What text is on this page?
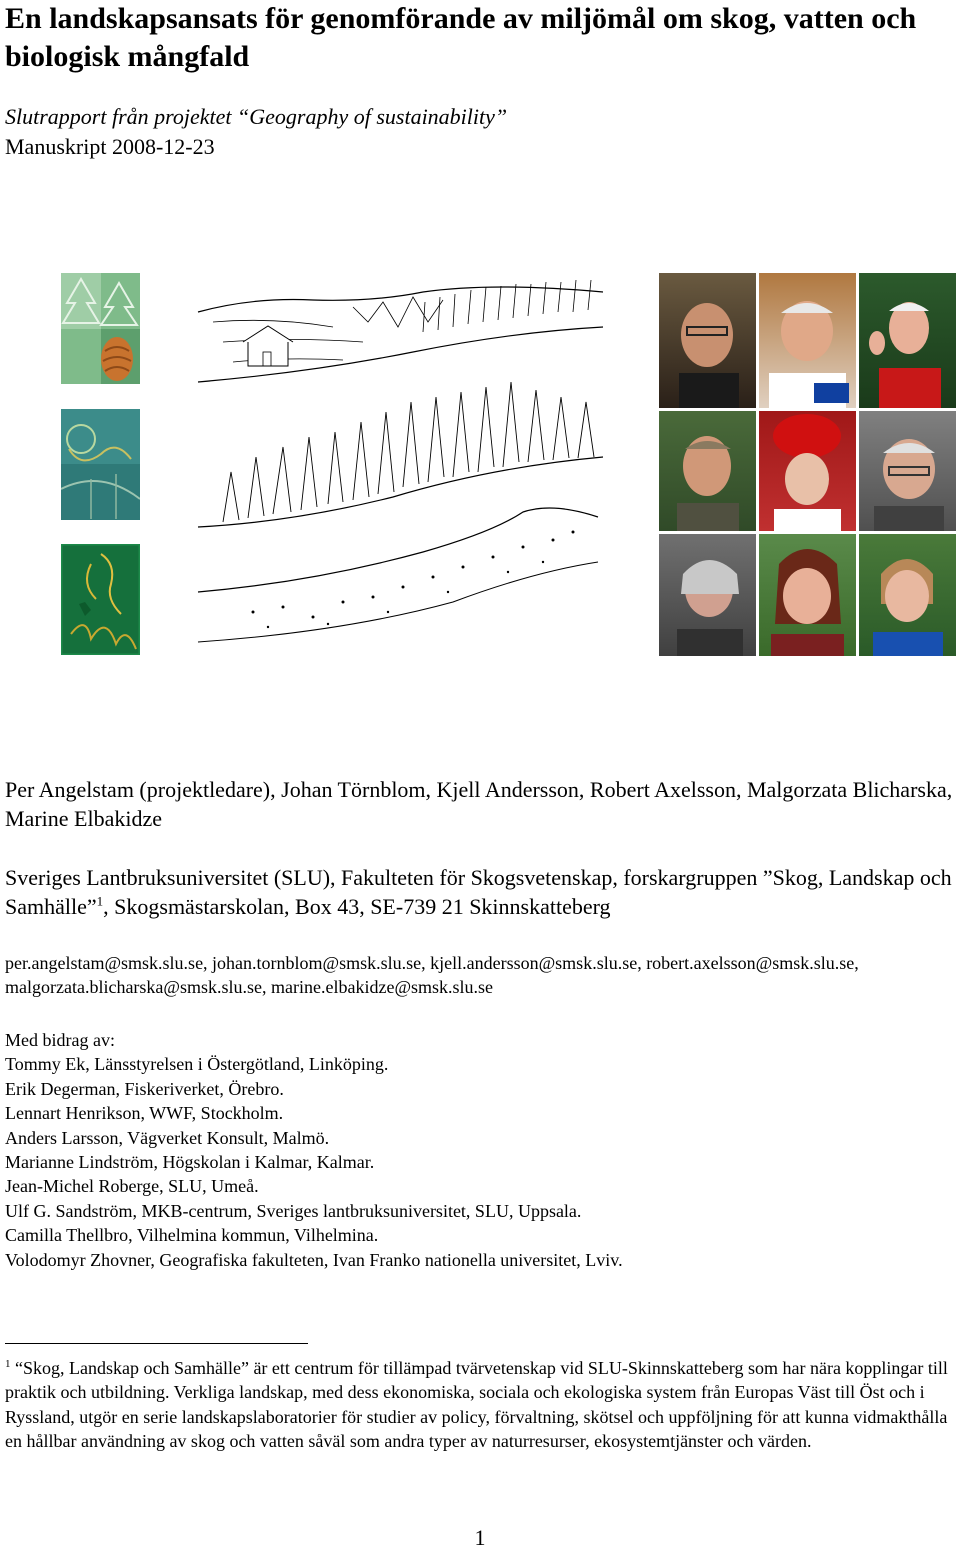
En landskapsansats för genomförande av miljömål om skog, vatten och biologisk mångfald
Slutrapport från projektet “Geography of sustainability”
Manuskript 2008-12-23
Per Angelstam (projektledare), Johan Törnblom, Kjell Andersson, Robert Axelsson, Malgorzata Blicharska, Marine Elbakidze
Sveriges Lantbruksuniversitet (SLU), Fakulteten för Skogsvetenskap, forskargruppen ”Skog, Landskap och Samhälle”$^1$, Skogsmästarskolan, Box 43, SE-739 21 Skinnskatteberg
per.angelstam@smsk.slu.se, johan.tornblom@smsk.slu.se, kjell.andersson@smsk.slu.se, robert.axelsson@smsk.slu.se, malgorzata.blicharska@smsk.slu.se, marine.elbakidze@smsk.slu.se
Med bidrag av:
Tommy Ek, Länsstyrelsen i Östergötland, Linköping.
Erik Degerman, Fiskeriverket, Örebro.
Lennart Henrikson, WWF, Stockholm.
Anders Larsson, Vägverket Konsult, Malmö.
Marianne Lindström, Högskolan i Kalmar, Kalmar.
Jean-Michel Roberge, SLU, Umeå.
Ulf G. Sandström, MKB-centrum, Sveriges lantbruksuniversitet, SLU, Uppsala.
Camilla Thellbro, Vilhelmina kommun, Vilhelmina.
Volodomyr Zhovner, Geografiska fakulteten, Ivan Franko nationella universitet, Lviv.
$^1$ “Skog, Landskap och Samhälle” är ett centrum för tillämpad tvärvetenskap vid SLU-Skinnskatteberg som har nära kopplingar till praktik och utbildning. Verkliga landskap, med dess ekonomiska, sociala och ekologiska system från Europas Väst till Öst och i Ryssland, utgör en serie landskapslaboratorier för studier av policy, förvaltning, skötsel och uppföljning för att kunna vidmakthålla en hållbar användning av skog och vatten såväl som andra typer av naturresurser, ekosystemtjänster och värden.
1
